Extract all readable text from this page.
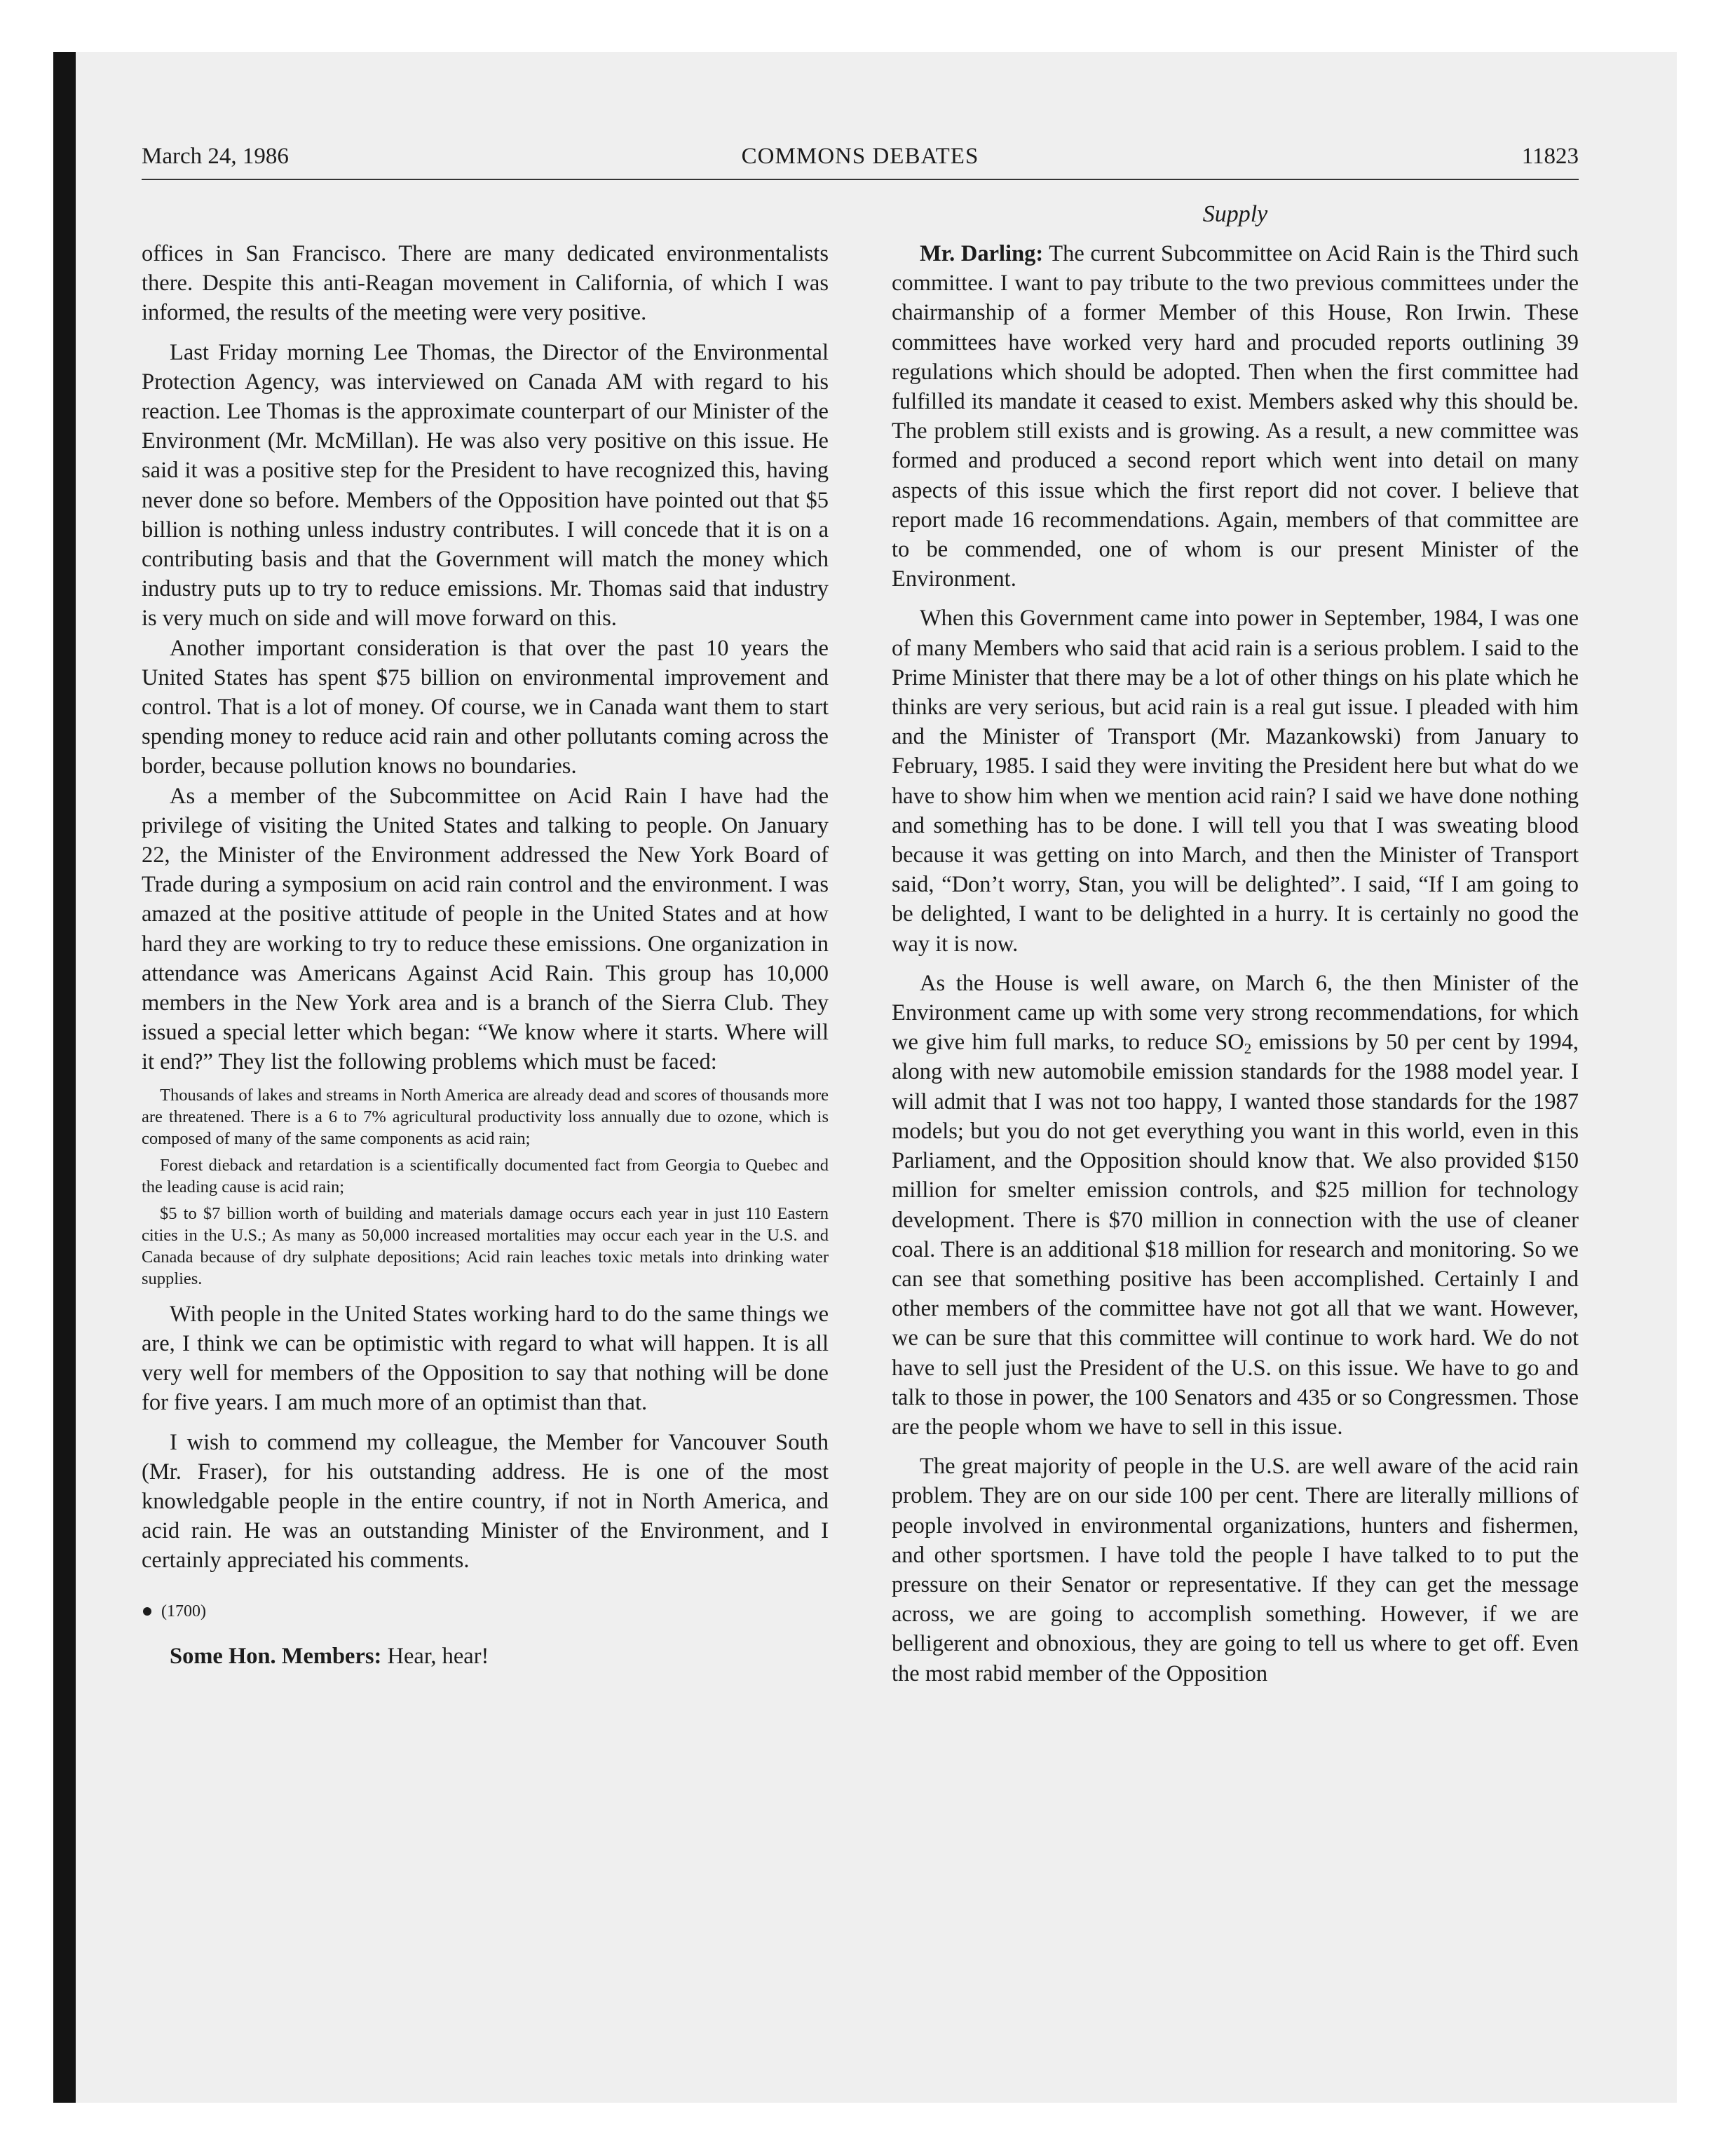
March 24, 1986	COMMONS DEBATES	11823
Supply

offices in San Francisco. There are many dedicated environmentalists there. Despite this anti-Reagan movement in California, of which I was informed, the results of the meeting were very positive.

Last Friday morning Lee Thomas, the Director of the Environmental Protection Agency, was interviewed on Canada AM with regard to his reaction. Lee Thomas is the approximate counterpart of our Minister of the Environment (Mr. McMillan). He was also very positive on this issue. He said it was a positive step for the President to have recognized this, having never done so before. Members of the Opposition have pointed out that $5 billion is nothing unless industry contributes. I will concede that it is on a contributing basis and that the Government will match the money which industry puts up to try to reduce emissions. Mr. Thomas said that industry is very much on side and will move forward on this.

Another important consideration is that over the past 10 years the United States has spent $75 billion on environmental improvement and control. That is a lot of money. Of course, we in Canada want them to start spending money to reduce acid rain and other pollutants coming across the border, because pollution knows no boundaries.

As a member of the Subcommittee on Acid Rain I have had the privilege of visiting the United States and talking to people. On January 22, the Minister of the Environment addressed the New York Board of Trade during a symposium on acid rain control and the environment. I was amazed at the positive attitude of people in the United States and at how hard they are working to try to reduce these emissions. One organization in attendance was Americans Against Acid Rain. This group has 10,000 members in the New York area and is a branch of the Sierra Club. They issued a special letter which began: “We know where it starts. Where will it end?” They list the following problems which must be faced:

Thousands of lakes and streams in North America are already dead and scores of thousands more are threatened. There is a 6 to 7% agricultural productivity loss annually due to ozone, which is composed of many of the same components as acid rain;

Forest dieback and retardation is a scientifically documented fact from Georgia to Quebec and the leading cause is acid rain;

$5 to $7 billion worth of building and materials damage occurs each year in just 110 Eastern cities in the U.S.; As many as 50,000 increased mortalities may occur each year in the U.S. and Canada because of dry sulphate depositions; Acid rain leaches toxic metals into drinking water supplies.

With people in the United States working hard to do the same things we are, I think we can be optimistic with regard to what will happen. It is all very well for members of the Opposition to say that nothing will be done for five years. I am much more of an optimist than that.

I wish to commend my colleague, the Member for Vancouver South (Mr. Fraser), for his outstanding address. He is one of the most knowledgable people in the entire country, if not in North America, and acid rain. He was an outstanding Minister of the Environment, and I certainly appreciated his comments.

(1700)

Some Hon. Members: Hear, hear!

Mr. Darling: The current Subcommittee on Acid Rain is the Third such committee. I want to pay tribute to the two previous committees under the chairmanship of a former Member of this House, Ron Irwin. These committees have worked very hard and procuded reports outlining 39 regulations which should be adopted. Then when the first committee had fulfilled its mandate it ceased to exist. Members asked why this should be. The problem still exists and is growing. As a result, a new committee was formed and produced a second report which went into detail on many aspects of this issue which the first report did not cover. I believe that report made 16 recommendations. Again, members of that committee are to be commended, one of whom is our present Minister of the Environment.

When this Government came into power in September, 1984, I was one of many Members who said that acid rain is a serious problem. I said to the Prime Minister that there may be a lot of other things on his plate which he thinks are very serious, but acid rain is a real gut issue. I pleaded with him and the Minister of Transport (Mr. Mazankowski) from January to February, 1985. I said they were inviting the President here but what do we have to show him when we mention acid rain? I said we have done nothing and something has to be done. I will tell you that I was sweating blood because it was getting on into March, and then the Minister of Transport said, “Don’t worry, Stan, you will be delighted”. I said, “If I am going to be delighted, I want to be delighted in a hurry. It is certainly no good the way it is now.

As the House is well aware, on March 6, the then Minister of the Environment came up with some very strong recommendations, for which we give him full marks, to reduce $SO_2$ emissions by 50 per cent by 1994, along with new automobile emission standards for the 1988 model year. I will admit that I was not too happy, I wanted those standards for the 1987 models; but you do not get everything you want in this world, even in this Parliament, and the Opposition should know that. We also provided $150 million for smelter emission controls, and $25 million for technology development. There is $70 million in connection with the use of cleaner coal. There is an additional $18 million for research and monitoring. So we can see that something positive has been accomplished. Certainly I and other members of the committee have not got all that we want. However, we can be sure that this committee will continue to work hard. We do not have to sell just the President of the U.S. on this issue. We have to go and talk to those in power, the 100 Senators and 435 or so Congressmen. Those are the people whom we have to sell in this issue.

The great majority of people in the U.S. are well aware of the acid rain problem. They are on our side 100 per cent. There are literally millions of people involved in environmental organizations, hunters and fishermen, and other sportsmen. I have told the people I have talked to to put the pressure on their Senator or representative. If they can get the message across, we are going to accomplish something. However, if we are belligerent and obnoxious, they are going to tell us where to get off. Even the most rabid member of the Opposition
